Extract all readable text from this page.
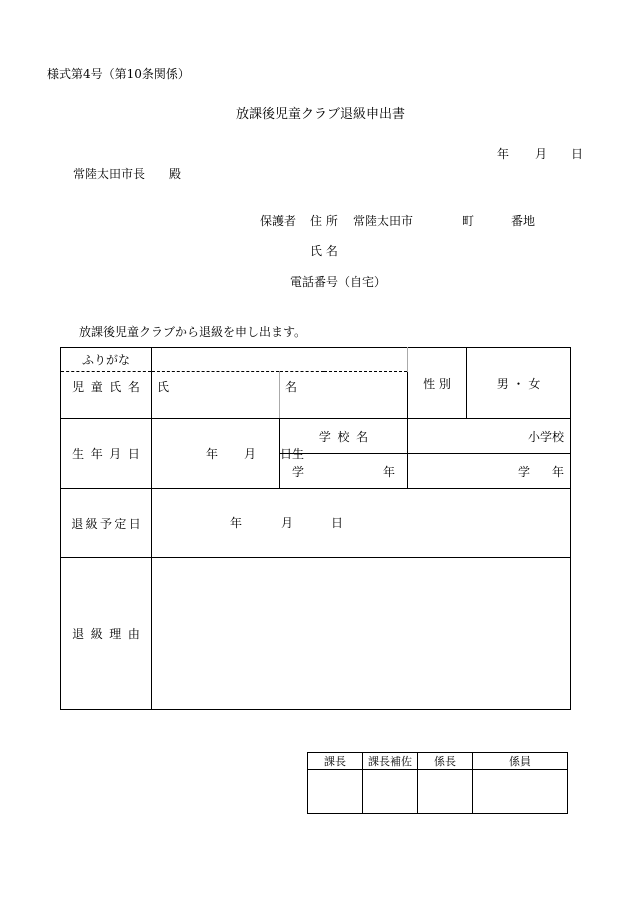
様式第4号（第10条関係）
放課後児童クラブ退級申出書
年 月 日
常陸太田市長 殿
保護者 住 所 常陸太田市	町	番地
氏 名
電話番号（自宅）
放課後児童クラブから退級を申し出ます。
ふりがな			性 別	男 ・ 女
児童氏名	氏	名		
生年月日	年 月 日生	学校名	小学校	

		学 年	学 年	

退級予定日	年 月 日			

退級理由				
課長	課長補佐	係長	係員
